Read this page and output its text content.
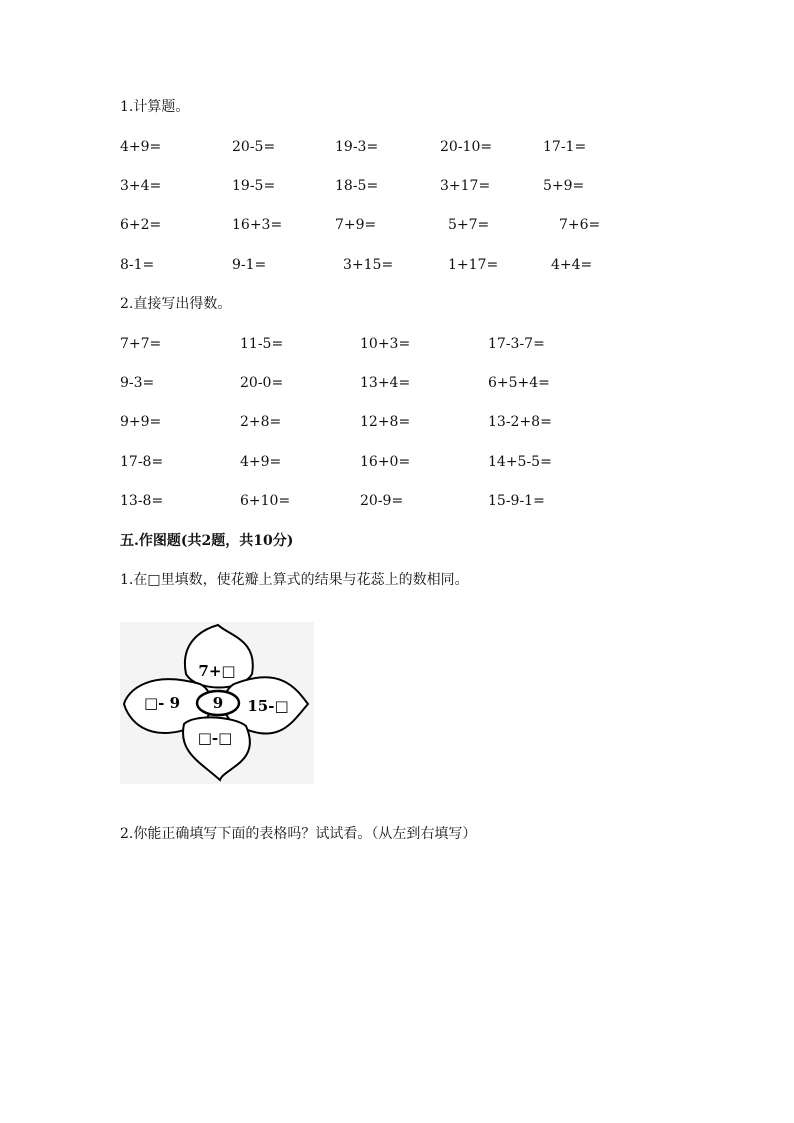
1.计算题。
4+9=	20-5=	19-3=	20-10=	17-1=
3+4=	19-5=	18-5=	3+17=	5+9=
6+2=	16+3=	7+9=	5+7=	7+6=
8-1=	9-1=	3+15=	1+17=	4+4=
2.直接写出得数。
7+7=	11-5=	10+3=	17-3-7=
9-3=	20-0=	13+4=	6+5+4=
9+9=	2+8=	12+8=	13-2+8=
17-8=	4+9=	16+0=	14+5-5=
13-8=	6+10=	20-9=	15-9-1=
五.作图题(共2题，共10分)
1.在□里填数，使花瓣上算式的结果与花蕊上的数相同。
7+□
□- 9 9 15-□
□-□
2.你能正确填写下面的表格吗？试试看。（从左到右填写）
